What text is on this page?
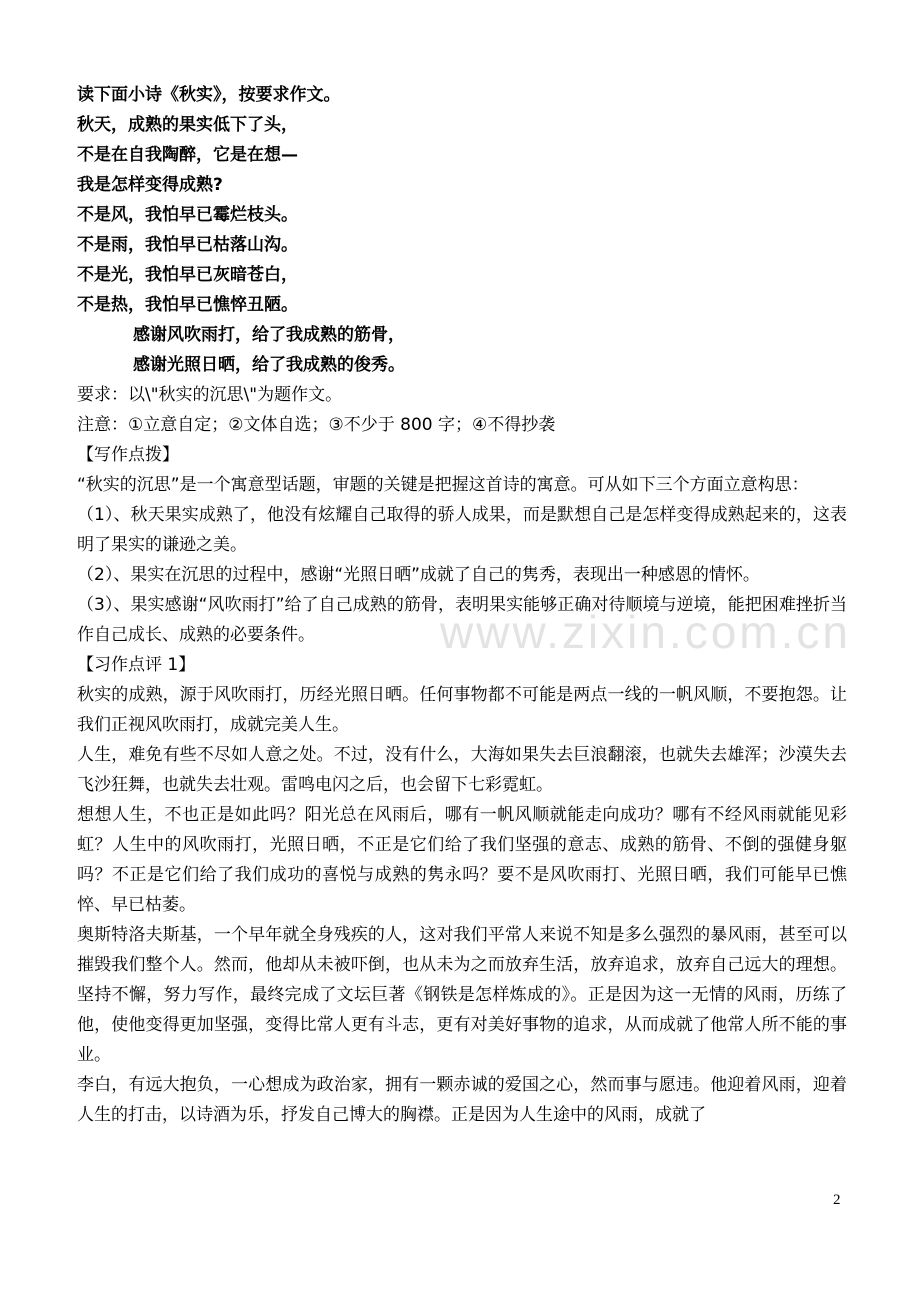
www.zixin.com.cn
读下面小诗《秋实》，按要求作文。
秋天，成熟的果实低下了头，
不是在自我陶醉，它是在想—
我是怎样变得成熟?
不是风，我怕早已霉烂枝头。
不是雨，我怕早已枯落山沟。
不是光，我怕早已灰暗苍白，
不是热，我怕早已憔悴丑陋。
感谢风吹雨打，给了我成熟的筋骨，
感谢光照日晒，给了我成熟的俊秀。
要求：以\"秋实的沉思\"为题作文。
注意：①立意自定；②文体自选；③不少于 800 字；④不得抄袭
【写作点拨】
“秋实的沉思”是一个寓意型话题，审题的关键是把握这首诗的寓意。可从如下三个方面立意构思：
（1）、秋天果实成熟了，他没有炫耀自己取得的骄人成果，而是默想自己是怎样变得成熟起来的，这表明了果实的谦逊之美。
（2）、果实在沉思的过程中，感谢“光照日晒”成就了自己的隽秀，表现出一种感恩的情怀。
（3）、果实感谢“风吹雨打”给了自己成熟的筋骨，表明果实能够正确对待顺境与逆境，能把困难挫折当作自己成长、成熟的必要条件。
【习作点评 1】
秋实的成熟，源于风吹雨打，历经光照日晒。任何事物都不可能是两点一线的一帆风顺，不要抱怨。让我们正视风吹雨打，成就完美人生。
人生，难免有些不尽如人意之处。不过，没有什么，大海如果失去巨浪翻滚，也就失去雄浑；沙漠失去飞沙狂舞，也就失去壮观。雷鸣电闪之后，也会留下七彩霓虹。
想想人生，不也正是如此吗？阳光总在风雨后，哪有一帆风顺就能走向成功？哪有不经风雨就能见彩虹？人生中的风吹雨打，光照日晒，不正是它们给了我们坚强的意志、成熟的筋骨、不倒的强健身躯吗？不正是它们给了我们成功的喜悦与成熟的隽永吗？要不是风吹雨打、光照日晒，我们可能早已憔悴、早已枯萎。
奥斯特洛夫斯基，一个早年就全身残疾的人，这对我们平常人来说不知是多么强烈的暴风雨，甚至可以摧毁我们整个人。然而，他却从未被吓倒，也从未为之而放弃生活，放弃追求，放弃自己远大的理想。坚持不懈，努力写作，最终完成了文坛巨著《钢铁是怎样炼成的》。正是因为这一无情的风雨，历练了他，使他变得更加坚强，变得比常人更有斗志，更有对美好事物的追求，从而成就了他常人所不能的事业。
李白，有远大抱负，一心想成为政治家，拥有一颗赤诚的爱国之心，然而事与愿违。他迎着风雨，迎着人生的打击，以诗酒为乐，抒发自己博大的胸襟。正是因为人生途中的风雨，成就了
2
